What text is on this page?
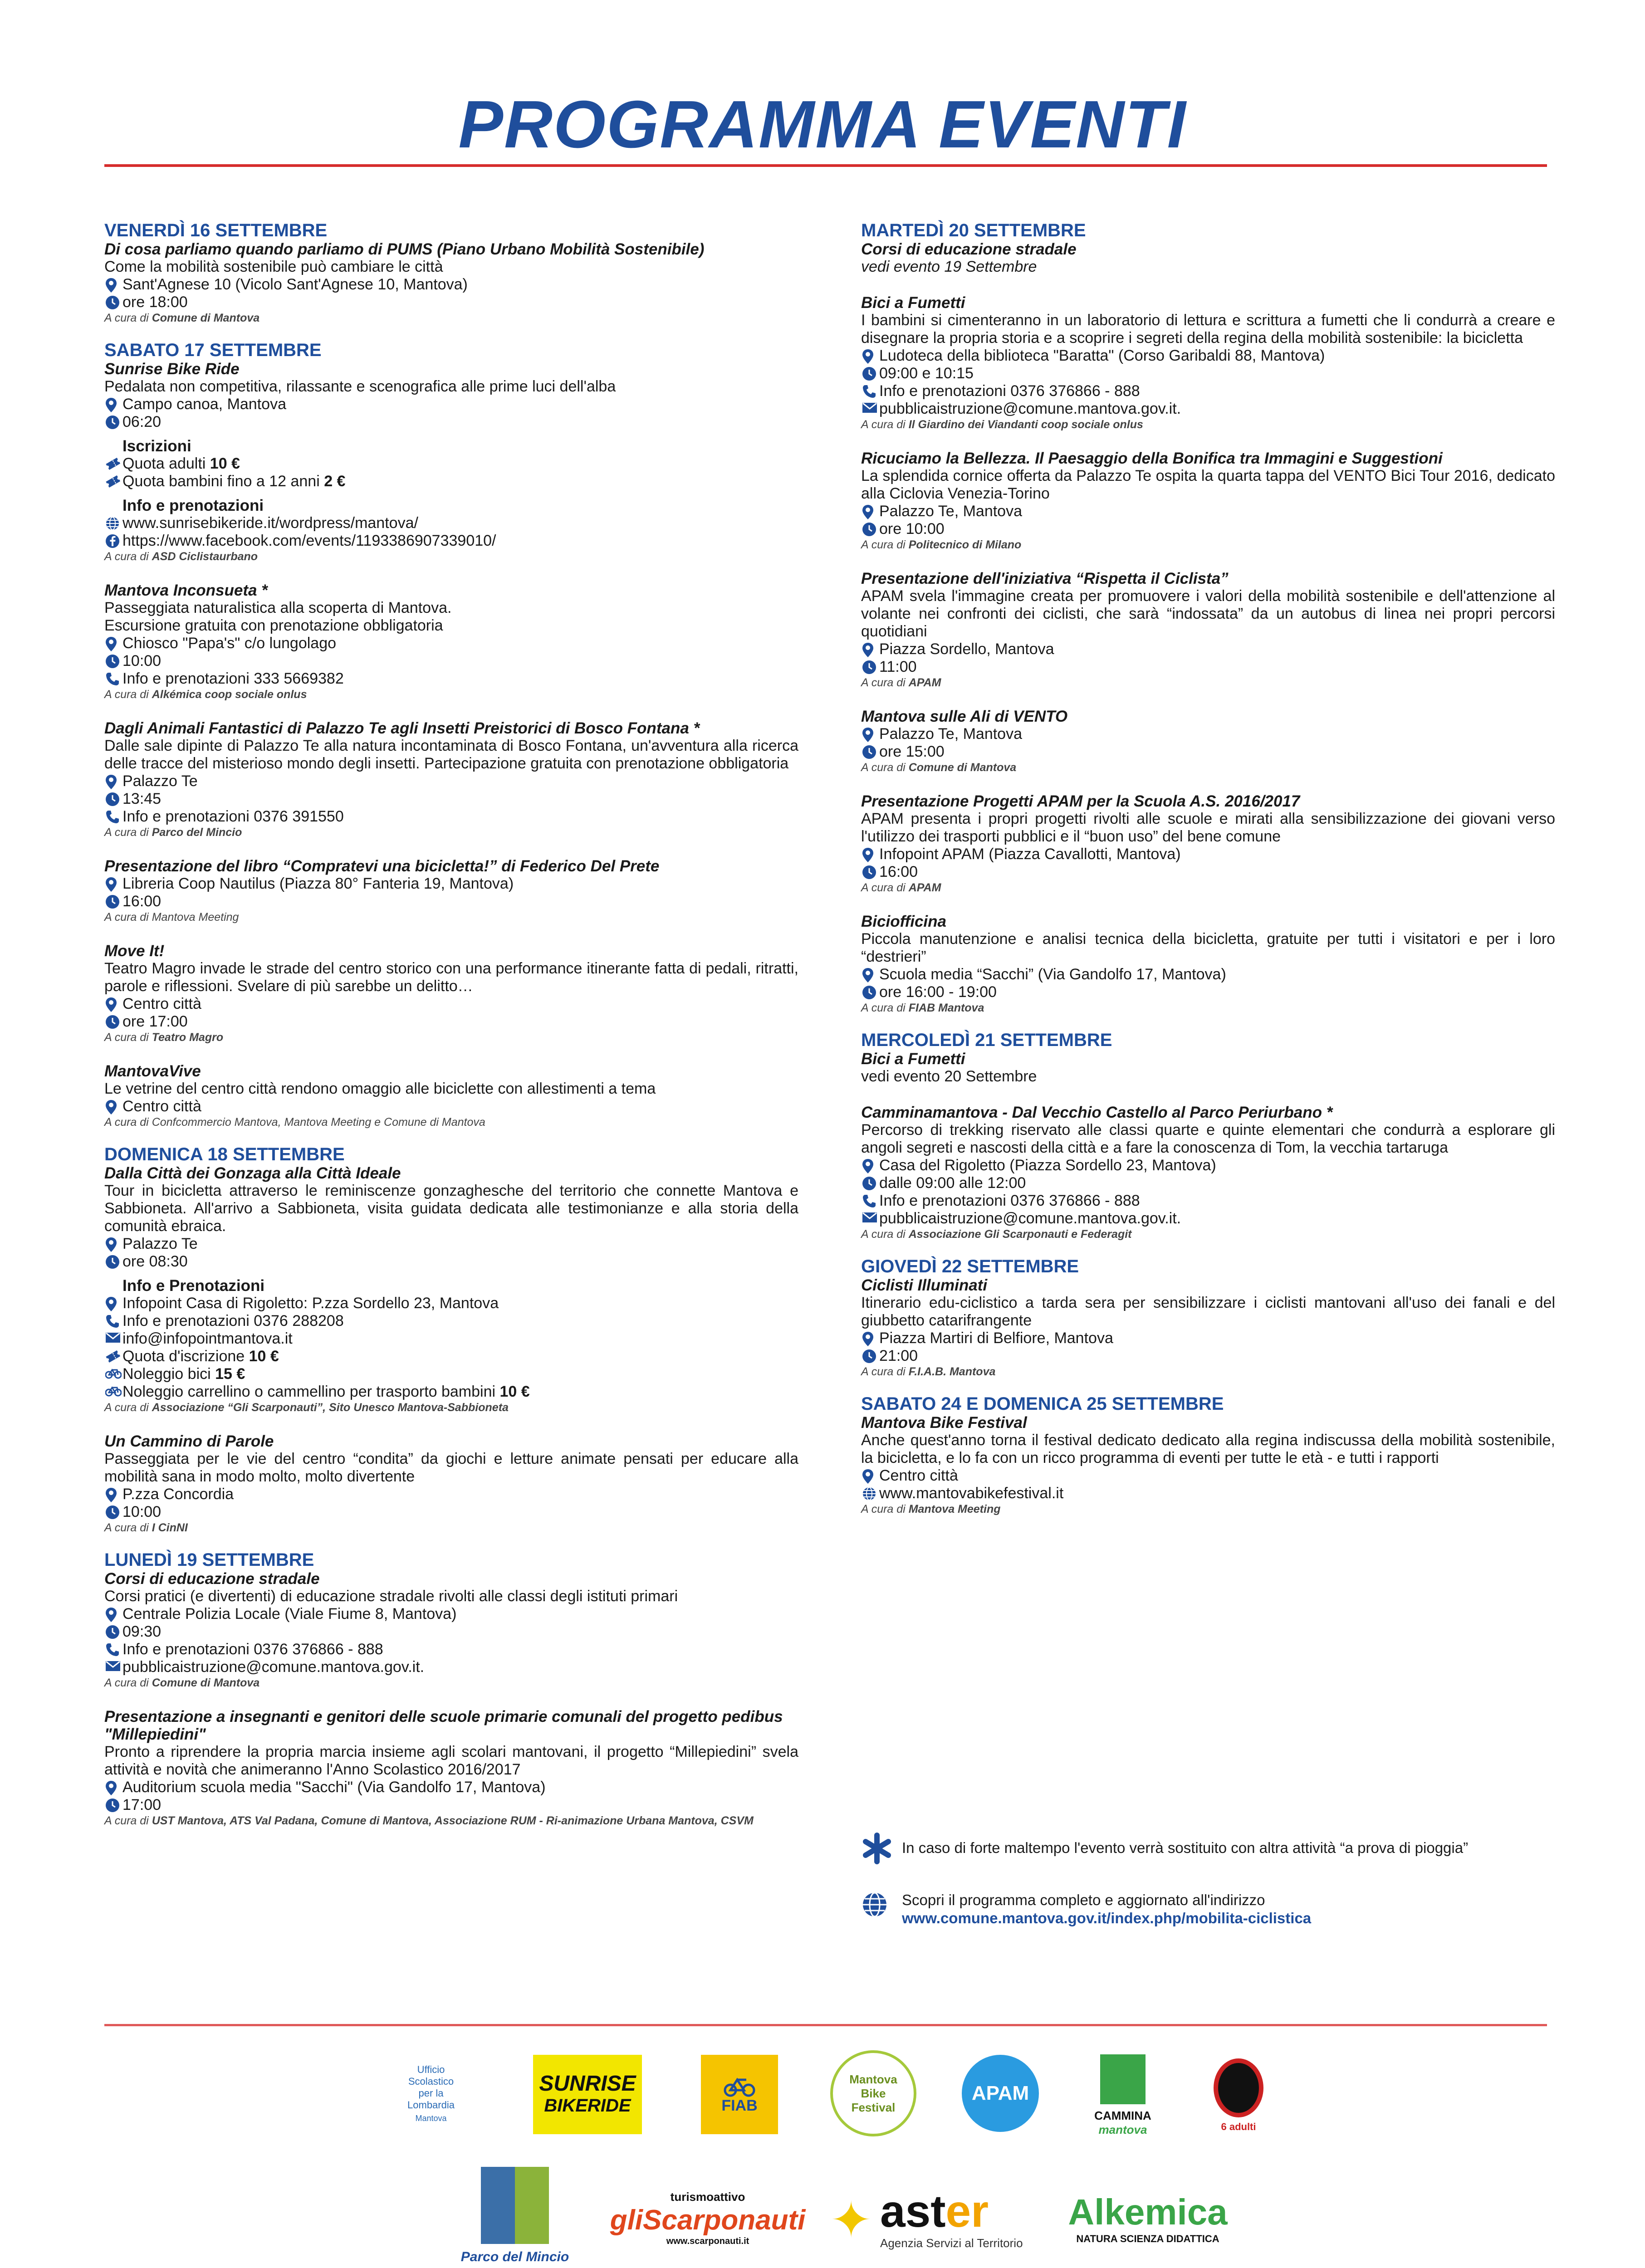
PROGRAMMA EVENTI
VENERDÌ 16 SETTEMBRE
Di cosa parliamo quando parliamo di PUMS (Piano Urbano Mobilità Sostenibile)
Come la mobilità sostenibile può cambiare le città
Sant'Agnese 10 (Vicolo Sant'Agnese 10, Mantova)
ore 18:00
A cura di Comune di Mantova
SABATO 17 SETTEMBRE
Sunrise Bike Ride
Pedalata non competitiva, rilassante e scenografica alle prime luci dell'alba
Campo canoa, Mantova
06:20
Iscrizioni
Quota adulti 10 €
Quota bambini fino a 12 anni 2 €
Info e prenotazioni
www.sunrisebikeride.it/wordpress/mantova/
https://www.facebook.com/events/1193386907339010/
A cura di ASD Ciclistaurbano
Mantova Inconsueta *
Passeggiata naturalistica alla scoperta di Mantova.
Escursione gratuita con prenotazione obbligatoria
Chiosco "Papa's" c/o lungolago
10:00
Info e prenotazioni 333 5669382
A cura di Alkémica coop sociale onlus
Dagli Animali Fantastici di Palazzo Te agli Insetti Preistorici di Bosco Fontana *
Dalle sale dipinte di Palazzo Te alla natura incontaminata di Bosco Fontana, un'avventura alla ricerca delle tracce del misterioso mondo degli insetti. Partecipazione gratuita con prenotazione obbligatoria
Palazzo Te
13:45
Info e prenotazioni 0376 391550
A cura di Parco del Mincio
Presentazione del libro “Compratevi una bicicletta!” di Federico Del Prete
Libreria Coop Nautilus (Piazza 80° Fanteria 19, Mantova)
16:00
A cura di Mantova Meeting
Move It!
Teatro Magro invade le strade del centro storico con una performance itinerante fatta di pedali, ritratti, parole e riflessioni. Svelare di più sarebbe un delitto…
Centro città
ore 17:00
A cura di Teatro Magro
MantovaVive
Le vetrine del centro città rendono omaggio alle biciclette con allestimenti a tema
Centro città
A cura di Confcommercio Mantova, Mantova Meeting e Comune di Mantova
DOMENICA 18 SETTEMBRE
Dalla Città dei Gonzaga alla Città Ideale
Tour in bicicletta attraverso le reminiscenze gonzaghesche del territorio che connette Mantova e Sabbioneta. All'arrivo a Sabbioneta, visita guidata dedicata alle testimonianze e alla storia della comunità ebraica.
Palazzo Te
ore 08:30
Info e Prenotazioni
Infopoint Casa di Rigoletto: P.zza Sordello 23, Mantova
Info e prenotazioni 0376 288208
info@infopointmantova.it
Quota d'iscrizione 10 €
Noleggio bici 15 €
Noleggio carrellino o cammellino per trasporto bambini 10 €
A cura di Associazione “Gli Scarponauti”, Sito Unesco Mantova-Sabbioneta
Un Cammino di Parole
Passeggiata per le vie del centro “condita” da giochi e letture animate pensati per educare alla mobilità sana in modo molto, molto divertente
P.zza Concordia
10:00
A cura di I CinNI
LUNEDÌ 19 SETTEMBRE
Corsi di educazione stradale
Corsi pratici (e divertenti) di educazione stradale rivolti alle classi degli istituti primari
Centrale Polizia Locale (Viale Fiume 8, Mantova)
09:30
Info e prenotazioni 0376 376866 - 888
pubblicaistruzione@comune.mantova.gov.it.
A cura di Comune di Mantova
Presentazione a insegnanti e genitori delle scuole primarie comunali del progetto pedibus "Millepiedini"
Pronto a riprendere la propria marcia insieme agli scolari mantovani, il progetto “Millepiedini” svela attività e novità che animeranno l'Anno Scolastico 2016/2017
Auditorium scuola media "Sacchi" (Via Gandolfo 17, Mantova)
17:00
A cura di UST Mantova, ATS Val Padana, Comune di Mantova, Associazione RUM - Ri-animazione Urbana Mantova, CSVM
MARTEDÌ 20 SETTEMBRE
Corsi di educazione stradale
vedi evento 19 Settembre
Bici a Fumetti
I bambini si cimenteranno in un laboratorio di lettura e scrittura a fumetti che li condurrà a creare e disegnare la propria storia e a scoprire i segreti della regina della mobilità sostenibile: la bicicletta
Ludoteca della biblioteca "Baratta" (Corso Garibaldi 88, Mantova)
09:00 e 10:15
Info e prenotazioni 0376 376866 - 888
pubblicaistruzione@comune.mantova.gov.it.
A cura di Il Giardino dei Viandanti coop sociale onlus
Ricuciamo la Bellezza. Il Paesaggio della Bonifica tra Immagini e Suggestioni
La splendida cornice offerta da Palazzo Te ospita la quarta tappa del VENTO Bici Tour 2016, dedicato alla Ciclovia Venezia-Torino
Palazzo Te, Mantova
ore 10:00
A cura di Politecnico di Milano
Presentazione dell'iniziativa “Rispetta il Ciclista”
APAM svela l'immagine creata per promuovere i valori della mobilità sostenibile e dell'attenzione al volante nei confronti dei ciclisti, che sarà “indossata” da un autobus di linea nei propri percorsi quotidiani
Piazza Sordello, Mantova
11:00
A cura di APAM
Mantova sulle Ali di VENTO
Palazzo Te, Mantova
ore 15:00
A cura di Comune di Mantova
Presentazione Progetti APAM per la Scuola A.S. 2016/2017
APAM presenta i propri progetti rivolti alle scuole e mirati alla sensibilizzazione dei giovani verso l'utilizzo dei trasporti pubblici e il “buon uso” del bene comune
Infopoint APAM (Piazza Cavallotti, Mantova)
16:00
A cura di APAM
Biciofficina
Piccola manutenzione e analisi tecnica della bicicletta, gratuite per tutti i visitatori e per i loro “destrieri”
Scuola media “Sacchi” (Via Gandolfo 17, Mantova)
ore 16:00 - 19:00
A cura di FIAB Mantova
MERCOLEDÌ 21 SETTEMBRE
Bici a Fumetti
vedi evento 20 Settembre
Camminamantova - Dal Vecchio Castello al Parco Periurbano *
Percorso di trekking riservato alle classi quarte e quinte elementari che condurrà a esplorare gli angoli segreti e nascosti della città e a fare la conoscenza di Tom, la vecchia tartaruga
Casa del Rigoletto (Piazza Sordello 23, Mantova)
dalle 09:00 alle 12:00
Info e prenotazioni 0376 376866 - 888
pubblicaistruzione@comune.mantova.gov.it.
A cura di Associazione Gli Scarponauti e Federagit
GIOVEDÌ 22 SETTEMBRE
Ciclisti Illuminati
Itinerario edu-ciclistico a tarda sera per sensibilizzare i ciclisti mantovani all'uso dei fanali e del giubbetto catarifrangente
Piazza Martiri di Belfiore, Mantova
21:00
A cura di F.I.A.B. Mantova
SABATO 24 E DOMENICA 25 SETTEMBRE
Mantova Bike Festival
Anche quest'anno torna il festival dedicato dedicato alla regina indiscussa della mobilità sostenibile, la bicicletta, e lo fa con un ricco programma di eventi per tutte le età - e tutti i rapporti
Centro città
www.mantovabikefestival.it
A cura di Mantova Meeting
In caso di forte maltempo l'evento verrà sostituito con altra attività “a prova di pioggia”
Scopri il programma completo e aggiornato all'indirizzo
www.comune.mantova.gov.it/index.php/mobilita-ciclistica
Ufficio
Scolastico
per la
Lombardia
Mantova
SUNRISE
BIKERIDE	FIAB
Mantova
Bike
Festival
APAM
CAMMINA
mantova	6 adulti
Parco del Mincio
turismoattivo
gliScarponauti
www.scarponauti.it ✦ aster
Agenzia Servizi al Territorio
Alkemica
NATURA SCIENZA DIDATTICA
